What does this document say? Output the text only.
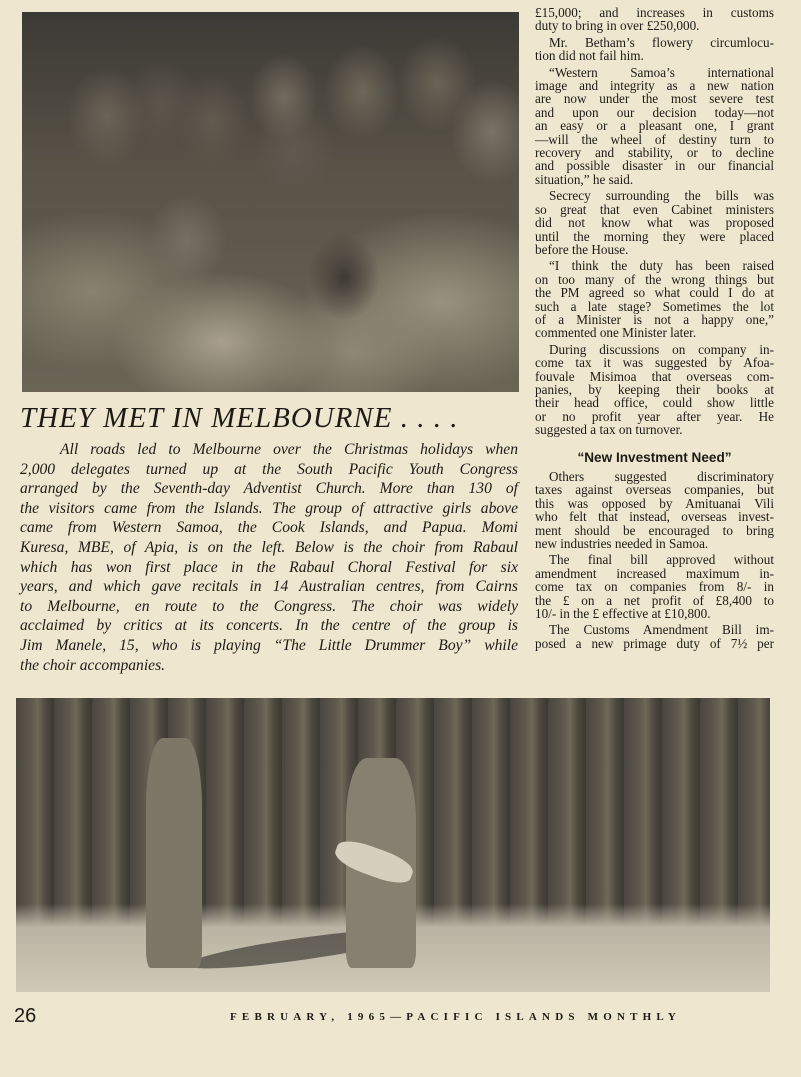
THEY MET IN MELBOURNE . . . .
All roads led to Melbourne over the Christmas holidays when
2,000 delegates turned up at the South Pacific Youth Congress
arranged by the Seventh-day Adventist Church. More than 130 of
the visitors came from the Islands. The group of attractive girls above
came from Western Samoa, the Cook Islands, and Papua. Momi
Kuresa, MBE, of Apia, is on the left. Below is the choir from Rabaul
which has won first place in the Rabaul Choral Festival for six
years, and which gave recitals in 14 Australian centres, from Cairns
to Melbourne, en route to the Congress. The choir was widely
acclaimed by critics at its concerts. In the centre of the group is
Jim Manele, 15, who is playing “The Little Drummer Boy” while
the choir accompanies.

£15,000; and increases in customs
duty to bring in over £250,000.

Mr. Betham’s flowery circumlocu-
tion did not fail him.

“Western Samoa’s international
image and integrity as a new nation
are now under the most severe test
and upon our decision today—not
an easy or a pleasant one, I grant
—will the wheel of destiny turn to
recovery and stability, or to decline
and possible disaster in our financial
situation,” he said.

Secrecy surrounding the bills was
so great that even Cabinet ministers
did not know what was proposed
until the morning they were placed
before the House.

“I think the duty has been raised
on too many of the wrong things but
the PM agreed so what could I do at
such a late stage? Sometimes the lot
of a Minister is not a happy one,”
commented one Minister later.

During discussions on company in-
come tax it was suggested by Afoa-
fouvale Misimoa that overseas com-
panies, by keeping their books at
their head office, could show little
or no profit year after year. He
suggested a tax on turnover.

“New Investment Need”

Others suggested discriminatory
taxes against overseas companies, but
this was opposed by Amituanai Vili
who felt that instead, overseas invest-
ment should be encouraged to bring
new industries needed in Samoa.

The final bill approved without
amendment increased maximum in-
come tax on companies from 8/- in
the £ on a net profit of £8,400 to
10/- in the £ effective at £10,800.

The Customs Amendment Bill im-
posed a new primage duty of 7½ per

26	FEBRUARY, 1965—PACIFIC ISLANDS MONTHLY
